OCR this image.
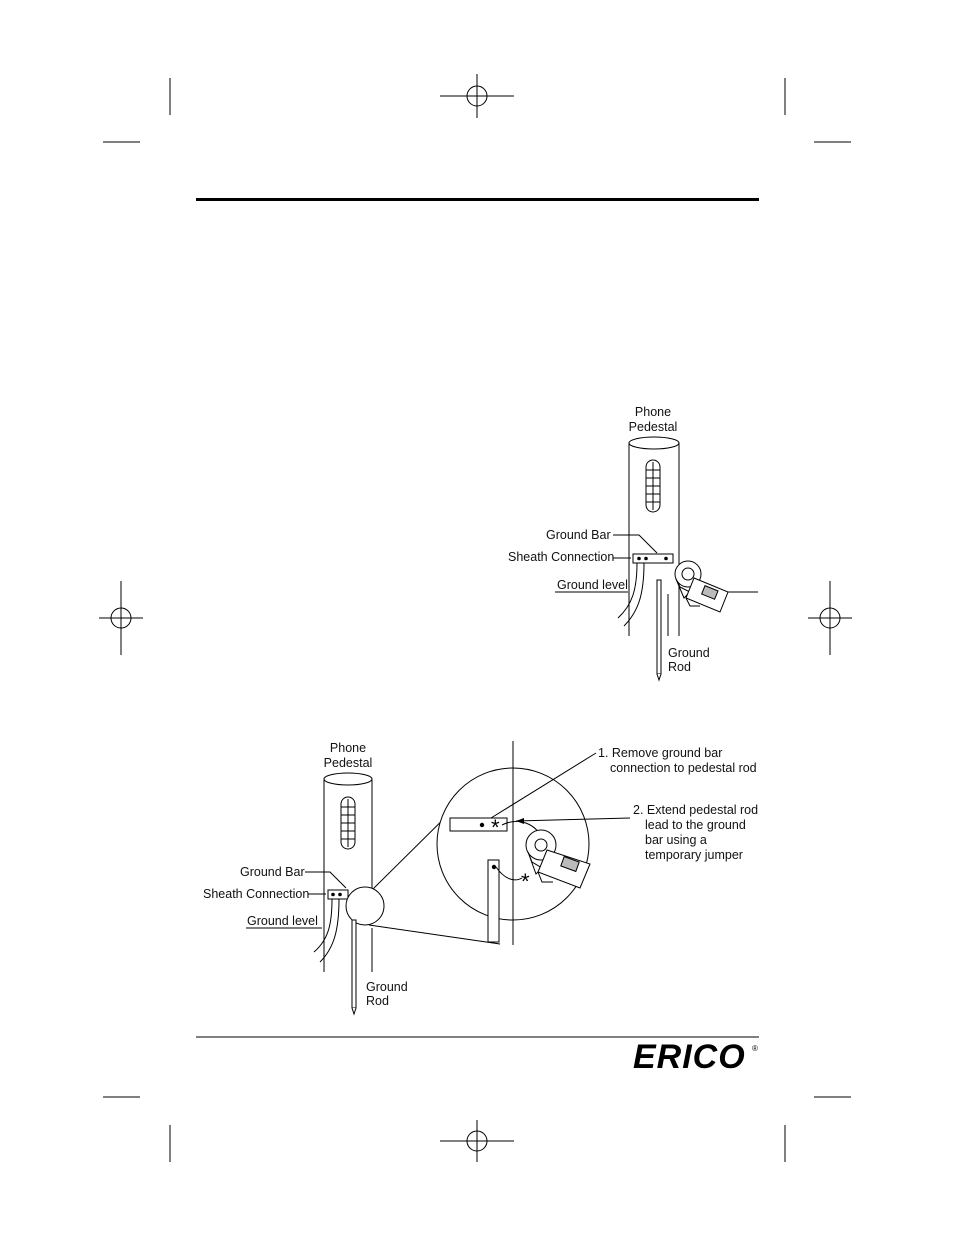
Phone
Pedestal
Ground Bar
Sheath Connection
Ground level
Ground
Rod
Phone
Pedestal
Ground Bar
Sheath Connection
Ground level
Ground
Rod
*
*
1. Remove ground bar
connection to pedestal rod
2. Extend pedestal rod
lead to the ground
bar using a
temporary jumper
ERICO ®
